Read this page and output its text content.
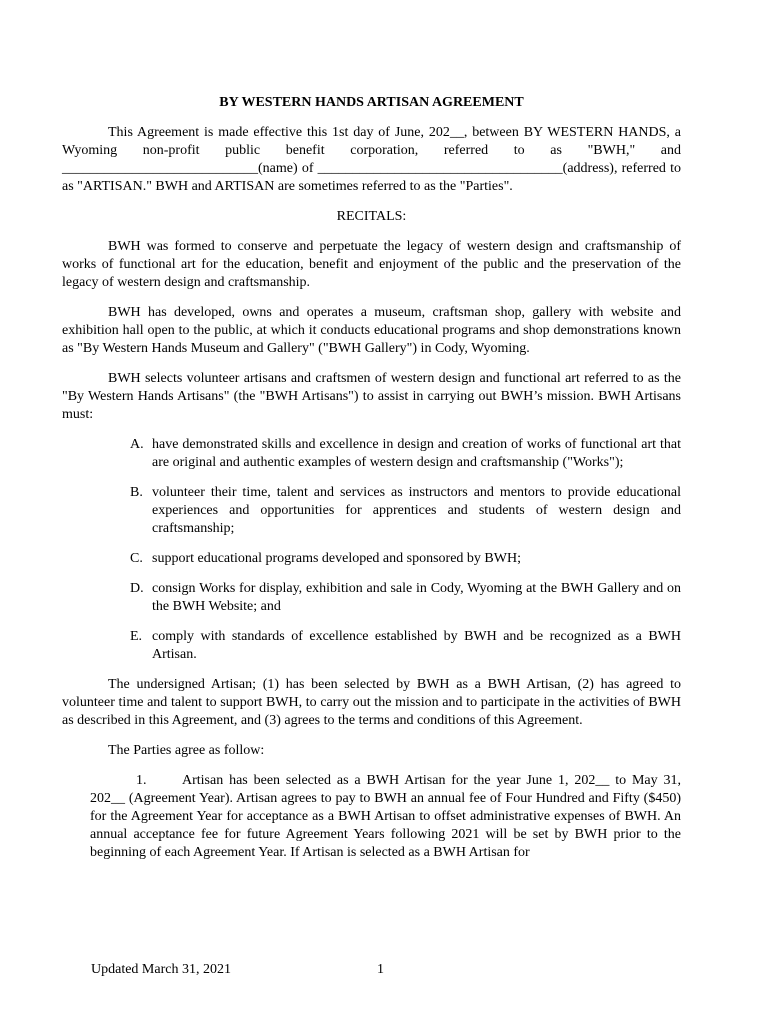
BY WESTERN HANDS ARTISAN AGREEMENT

This Agreement is made effective this 1st day of June, 202__, between BY WESTERN HANDS, a Wyoming non-profit public benefit corporation, referred to as "BWH," and ____________________________(name) of ___________________________________(address), referred to as "ARTISAN." BWH and ARTISAN are sometimes referred to as the "Parties".

RECITALS:

BWH was formed to conserve and perpetuate the legacy of western design and craftsmanship of works of functional art for the education, benefit and enjoyment of the public and the preservation of the legacy of western design and craftsmanship.

BWH has developed, owns and operates a museum, craftsman shop, gallery with website and exhibition hall open to the public, at which it conducts educational programs and shop demonstrations known as "By Western Hands Museum and Gallery" ("BWH Gallery") in Cody, Wyoming.

BWH selects volunteer artisans and craftsmen of western design and functional art referred to as the "By Western Hands Artisans" (the "BWH Artisans") to assist in carrying out BWH’s mission. BWH Artisans must:

A. have demonstrated skills and excellence in design and creation of works of functional art that are original and authentic examples of western design and craftsmanship ("Works");
B. volunteer their time, talent and services as instructors and mentors to provide educational experiences and opportunities for apprentices and students of western design and craftsmanship;
C. support educational programs developed and sponsored by BWH;
D. consign Works for display, exhibition and sale in Cody, Wyoming at the BWH Gallery and on the BWH Website; and
E. comply with standards of excellence established by BWH and be recognized as a BWH Artisan.

The undersigned Artisan; (1) has been selected by BWH as a BWH Artisan, (2) has agreed to volunteer time and talent to support BWH, to carry out the mission and to participate in the activities of BWH as described in this Agreement, and (3) agrees to the terms and conditions of this Agreement.

The Parties agree as follow:

1.	Artisan has been selected as a BWH Artisan for the year June 1, 202__ to May 31, 202__ (Agreement Year). Artisan agrees to pay to BWH an annual fee of Four Hundred and Fifty ($450) for the Agreement Year for acceptance as a BWH Artisan to offset administrative expenses of BWH. An annual acceptance fee for future Agreement Years following 2021 will be set by BWH prior to the beginning of each Agreement Year. If Artisan is selected as a BWH Artisan for

Updated March 31, 2021	1
